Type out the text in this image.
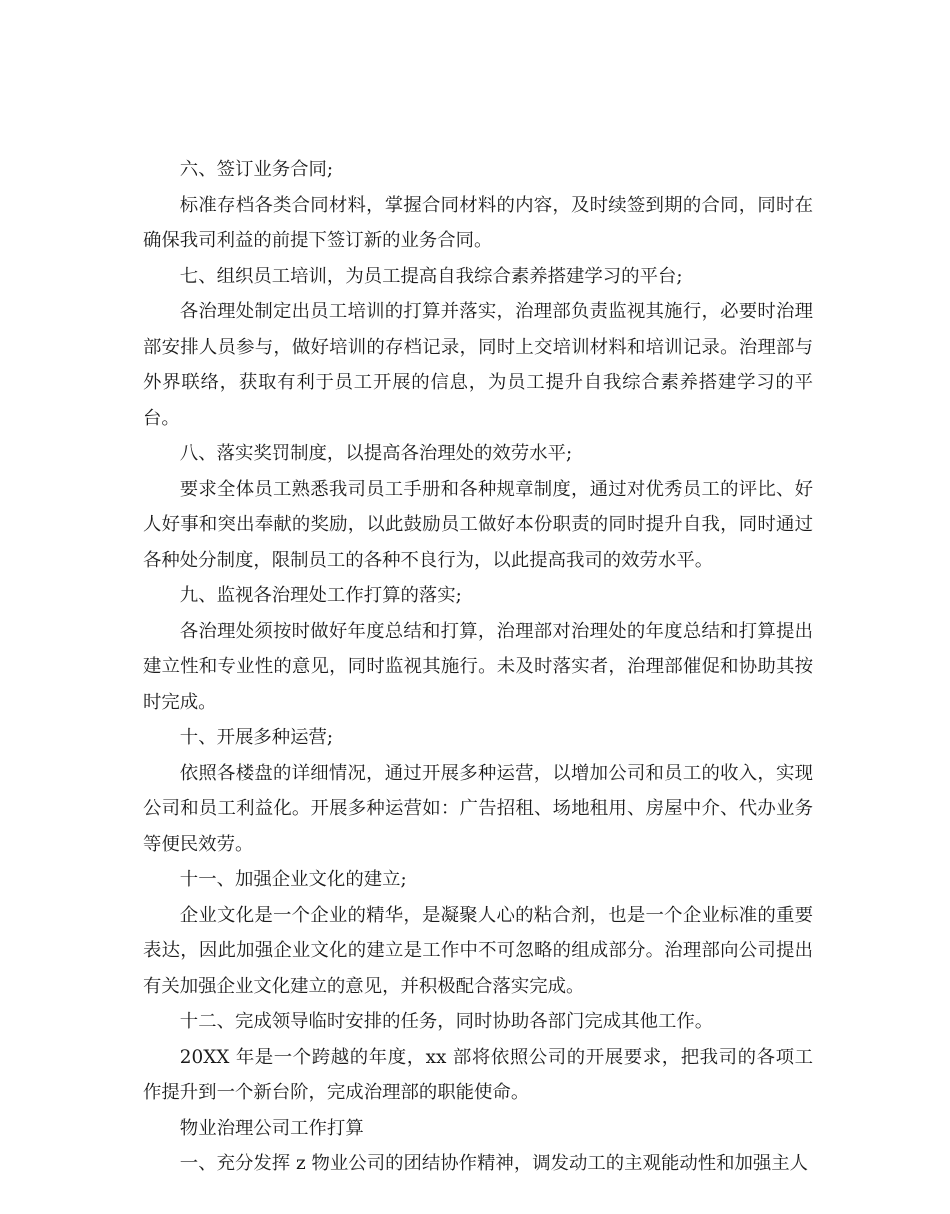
六、签订业务合同;

标准存档各类合同材料，掌握合同材料的内容，及时续签到期的合同，同时在确保我司利益的前提下签订新的业务合同。

七、组织员工培训，为员工提高自我综合素养搭建学习的平台;

各治理处制定出员工培训的打算并落实，治理部负责监视其施行，必要时治理部安排人员参与，做好培训的存档记录，同时上交培训材料和培训记录。治理部与外界联络，获取有利于员工开展的信息，为员工提升自我综合素养搭建学习的平台。

八、落实奖罚制度，以提高各治理处的效劳水平;

要求全体员工熟悉我司员工手册和各种规章制度，通过对优秀员工的评比、好人好事和突出奉献的奖励，以此鼓励员工做好本份职责的同时提升自我，同时通过各种处分制度，限制员工的各种不良行为，以此提高我司的效劳水平。

九、监视各治理处工作打算的落实;

各治理处须按时做好年度总结和打算，治理部对治理处的年度总结和打算提出建立性和专业性的意见，同时监视其施行。未及时落实者，治理部催促和协助其按时完成。

十、开展多种运营;

依照各楼盘的详细情况，通过开展多种运营，以增加公司和员工的收入，实现公司和员工利益化。开展多种运营如：广告招租、场地租用、房屋中介、代办业务等便民效劳。

十一、加强企业文化的建立;

企业文化是一个企业的精华，是凝聚人心的粘合剂，也是一个企业标准的重要表达，因此加强企业文化的建立是工作中不可忽略的组成部分。治理部向公司提出有关加强企业文化建立的意见，并积极配合落实完成。

十二、完成领导临时安排的任务，同时协助各部门完成其他工作。

20XX 年是一个跨越的年度，xx 部将依照公司的开展要求，把我司的各项工作提升到一个新台阶，完成治理部的职能使命。

物业治理公司工作打算

一、充分发挥 z 物业公司的团结协作精神，调发动工的主观能动性和加强主人
